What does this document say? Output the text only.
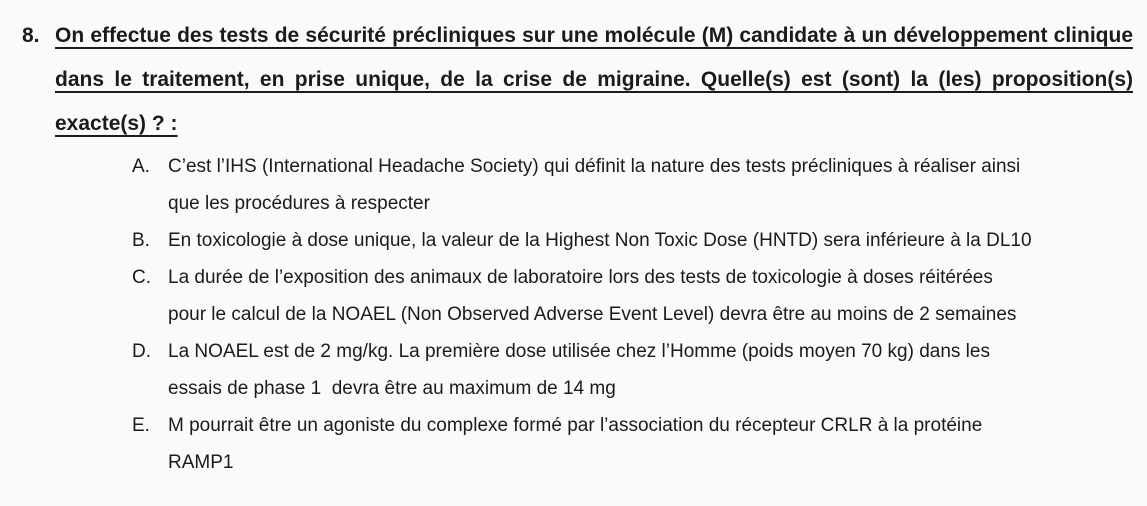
8. On effectue des tests de sécurité précliniques sur une molécule (M) candidate à un développement clinique
dans le traitement, en prise unique, de la crise de migraine. Quelle(s) est (sont) la (les) proposition(s)
exacte(s) ? :
A. C’est l’IHS (International Headache Society) qui définit la nature des tests précliniques à réaliser ainsi
que les procédures à respecter
B. En toxicologie à dose unique, la valeur de la Highest Non Toxic Dose (HNTD) sera inférieure à la DL10
C. La durée de l’exposition des animaux de laboratoire lors des tests de toxicologie à doses réitérées
pour le calcul de la NOAEL (Non Observed Adverse Event Level) devra être au moins de 2 semaines
D. La NOAEL est de 2 mg/kg. La première dose utilisée chez l’Homme (poids moyen 70 kg) dans les
essais de phase 1  devra être au maximum de 14 mg
E. M pourrait être un agoniste du complexe formé par l’association du récepteur CRLR à la protéine
RAMP1
